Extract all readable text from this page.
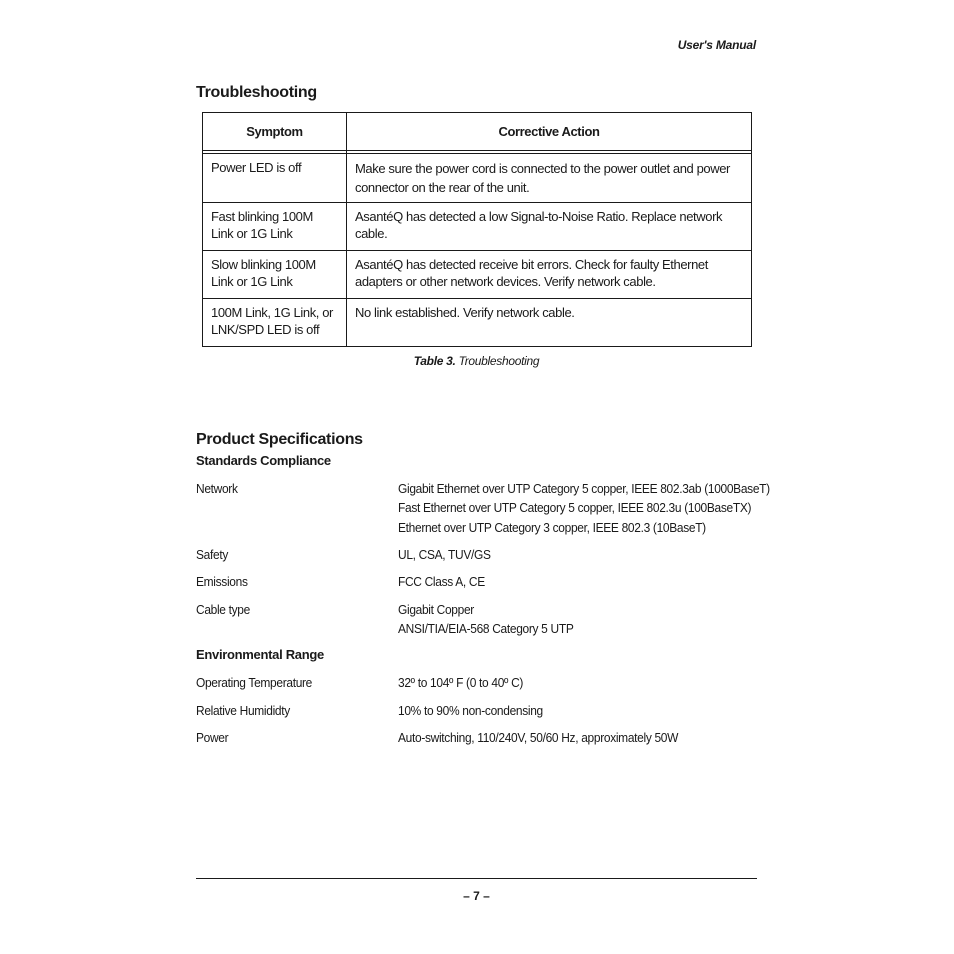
User's Manual
Troubleshooting
Symptom	Corrective Action

Power LED is off	Make sure the power cord is connected to the power outlet and power connector on the rear of the unit.
Fast blinking 100M Link or 1G Link	AsantéQ has detected a low Signal-to-Noise Ratio. Replace network cable.
Slow blinking 100M Link or 1G Link	AsantéQ has detected receive bit errors. Check for faulty Ethernet adapters or other network devices. Verify network cable.
100M Link, 1G Link, or LNK/SPD LED is off	No link established. Verify network cable.
Table 3. Troubleshooting
Product Specifications
Standards Compliance
Network	Gigabit Ethernet over UTP Category 5 copper, IEEE 802.3ab (1000BaseT)
Fast Ethernet over UTP Category 5 copper, IEEE 802.3u (100BaseTX)
Ethernet over UTP Category 3 copper, IEEE 802.3 (10BaseT)
Safety	UL, CSA, TUV/GS
Emissions	FCC Class A, CE
Cable type	Gigabit Copper
ANSI/TIA/EIA-568 Category 5 UTP
Environmental Range
Operating Temperature	32º to 104º F (0 to 40º C)
Relative Humididty	10% to 90% non-condensing
Power	Auto-switching, 110/240V, 50/60 Hz, approximately 50W
– 7 –
